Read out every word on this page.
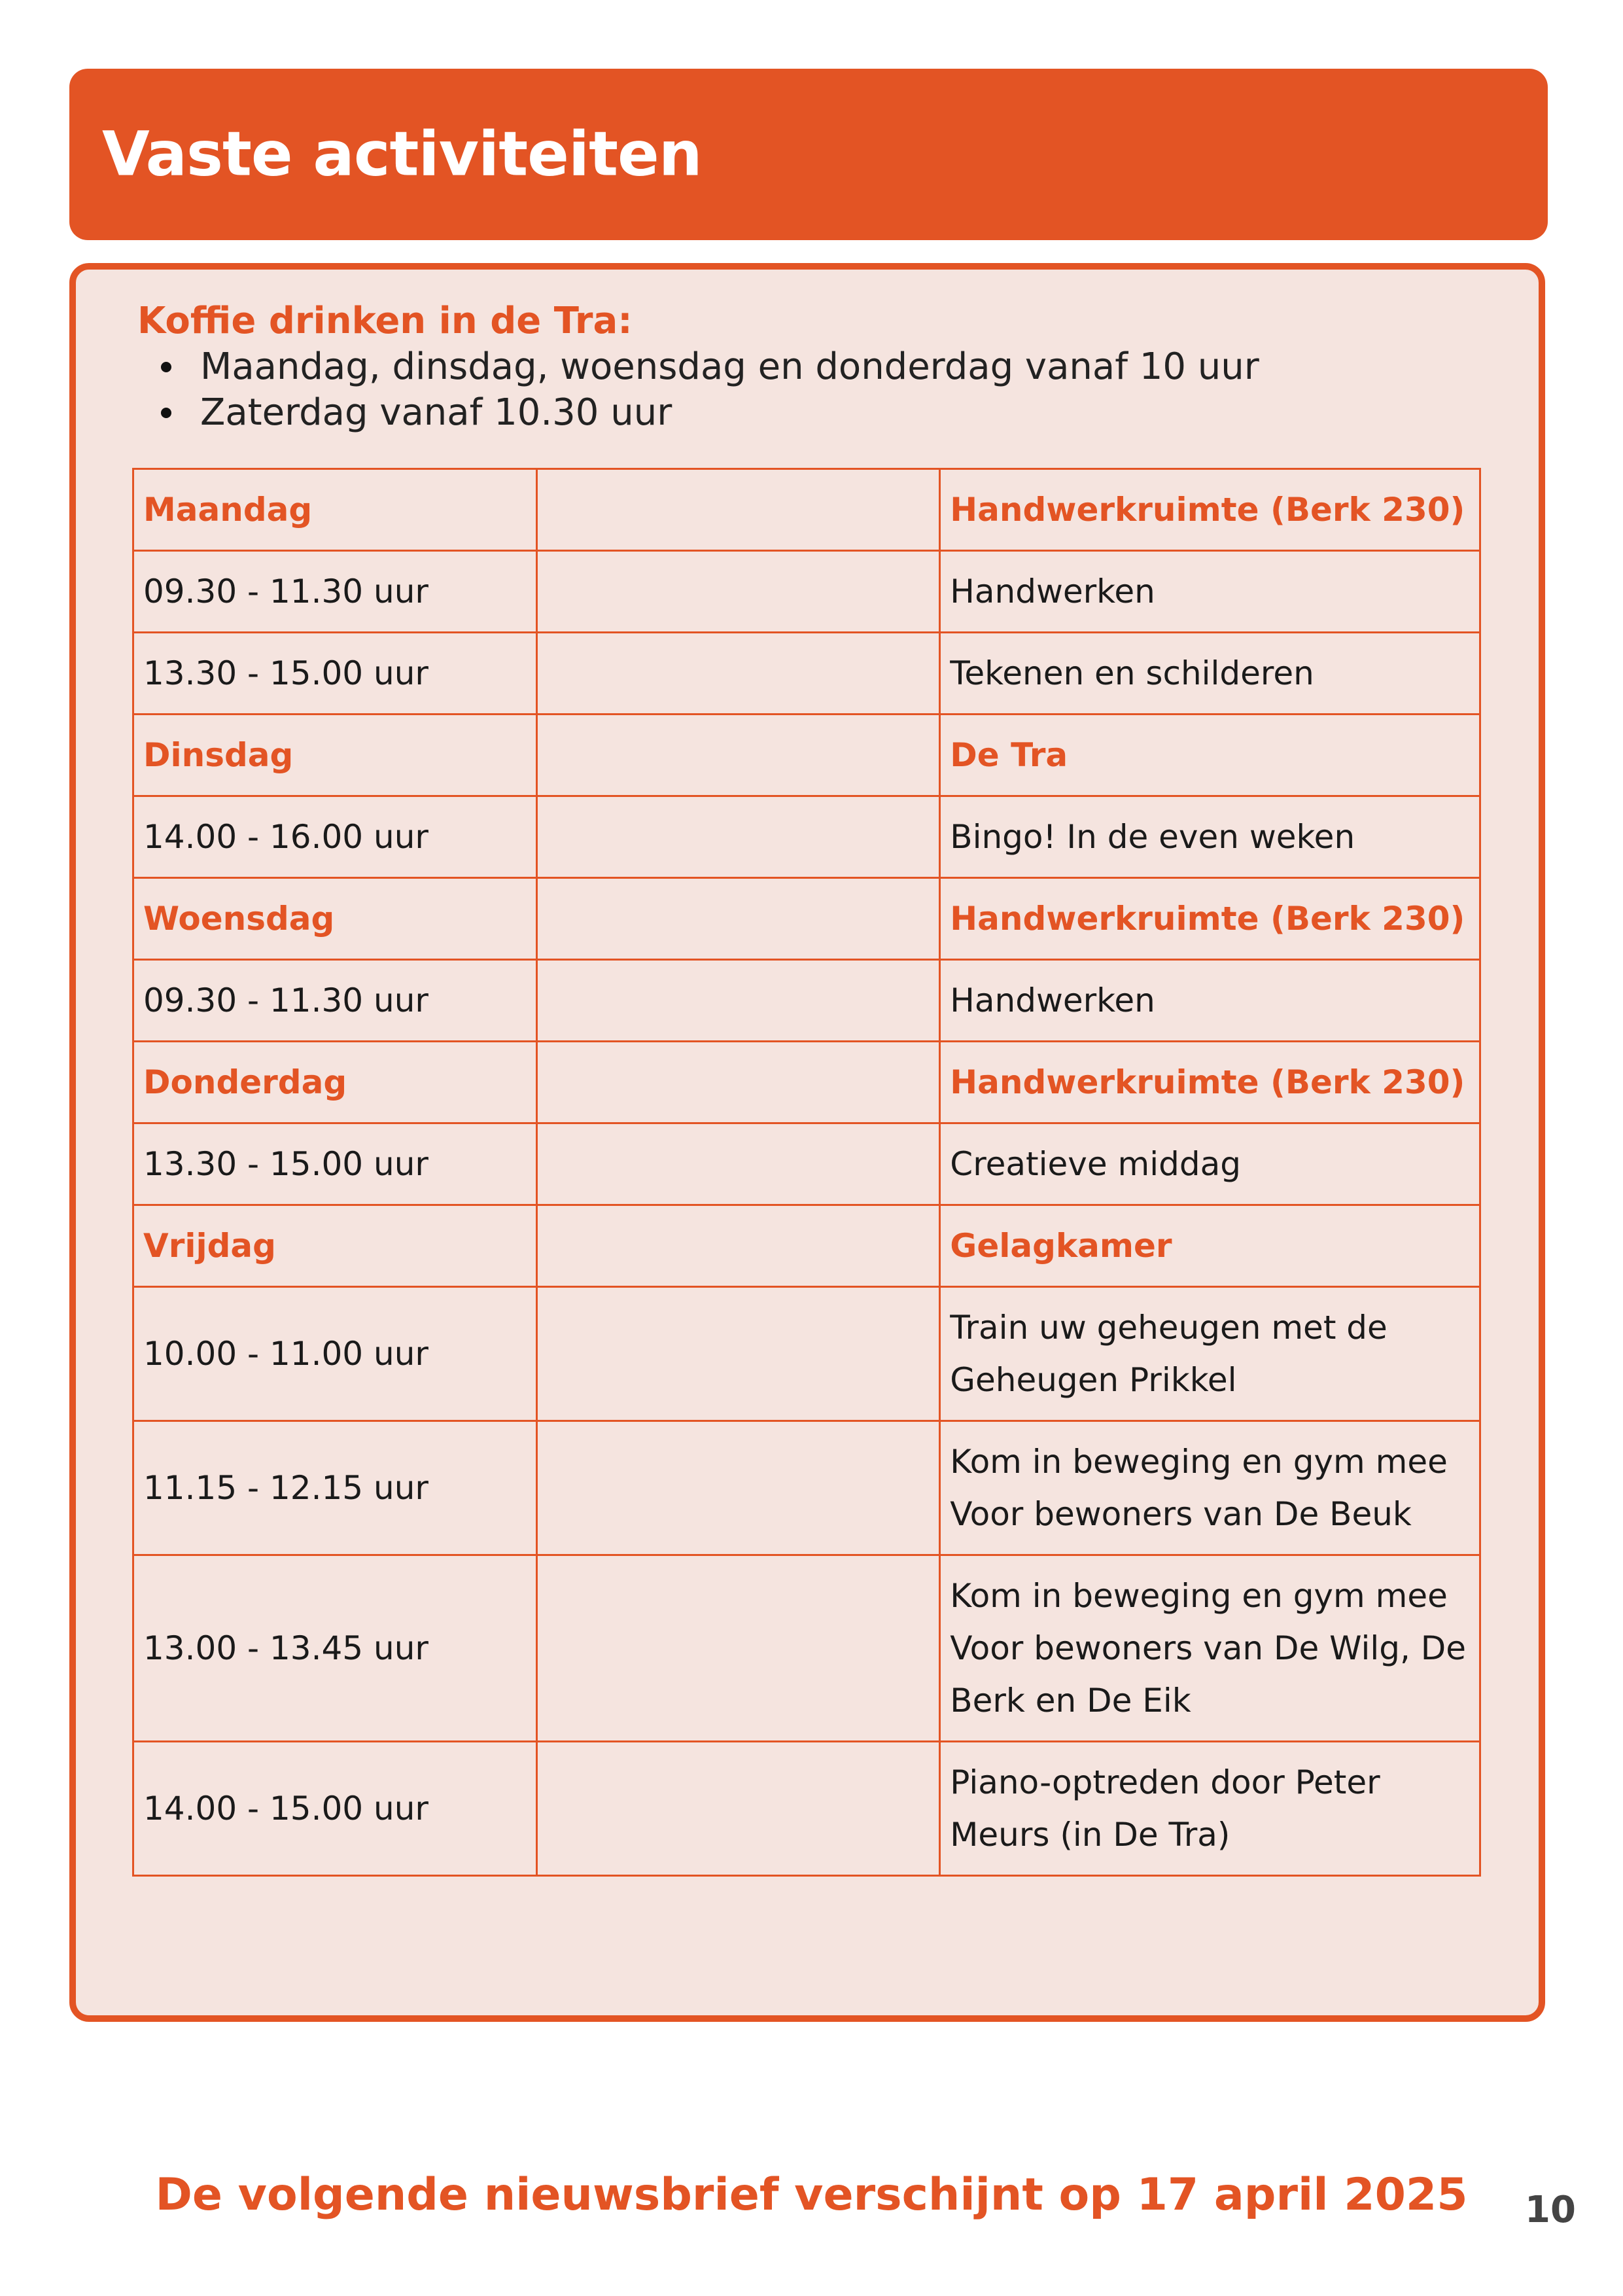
Vaste activiteiten
Koffie drinken in de Tra:
Maandag, dinsdag, woensdag en donderdag vanaf 10 uur
Zaterdag vanaf 10.30 uur
Maandag		Handwerkruimte (Berk 230)
09.30 - 11.30 uur		Handwerken
13.30 - 15.00 uur		Tekenen en schilderen
Dinsdag		De Tra
14.00 - 16.00 uur		Bingo! In de even weken
Woensdag		Handwerkruimte (Berk 230)
09.30 - 11.30 uur		Handwerken
Donderdag		Handwerkruimte (Berk 230)
13.30 - 15.00 uur		Creatieve middag
Vrijdag		Gelagkamer
10.00 - 11.00 uur		Train uw geheugen met de
Geheugen Prikkel

11.15 - 12.15 uur		Kom in beweging en gym mee
Voor bewoners van De Beuk

13.00 - 13.45 uur		Kom in beweging en gym mee
Voor bewoners van De Wilg, De
Berk en De Eik

14.00 - 15.00 uur		Piano-optreden door Peter
Meurs (in De Tra)
De volgende nieuwsbrief verschijnt op 17 april 2025	10
